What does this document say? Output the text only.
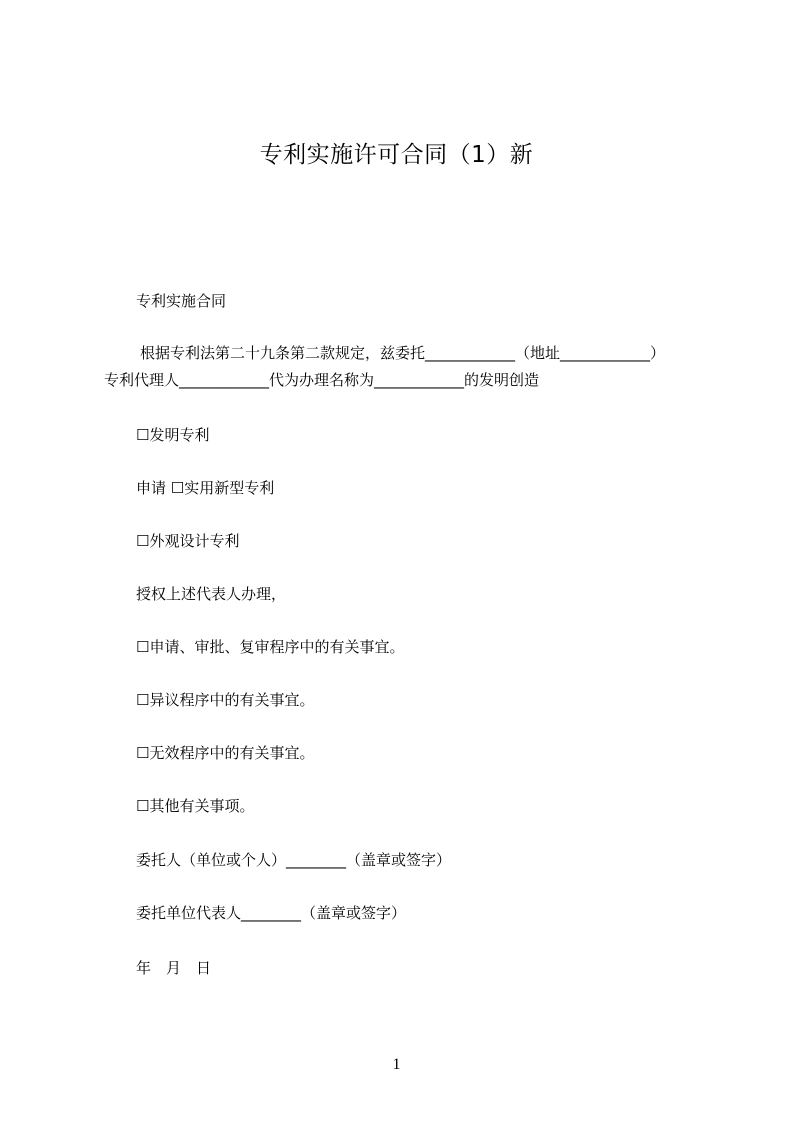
专利实施许可合同（1）新
专利实施合同
根据专利法第二十九条第二款规定，兹委托____________（地址____________）
专利代理人____________代为办理名称为____________的发明创造
☐发明专利
申请 ☐实用新型专利
☐外观设计专利
授权上述代表人办理，
☐申请、审批、复审程序中的有关事宜。
☐异议程序中的有关事宜。
☐无效程序中的有关事宜。
☐其他有关事项。
委托人（单位或个人）________（盖章或签字）
委托单位代表人________（盖章或签字）
年　月　日
1
